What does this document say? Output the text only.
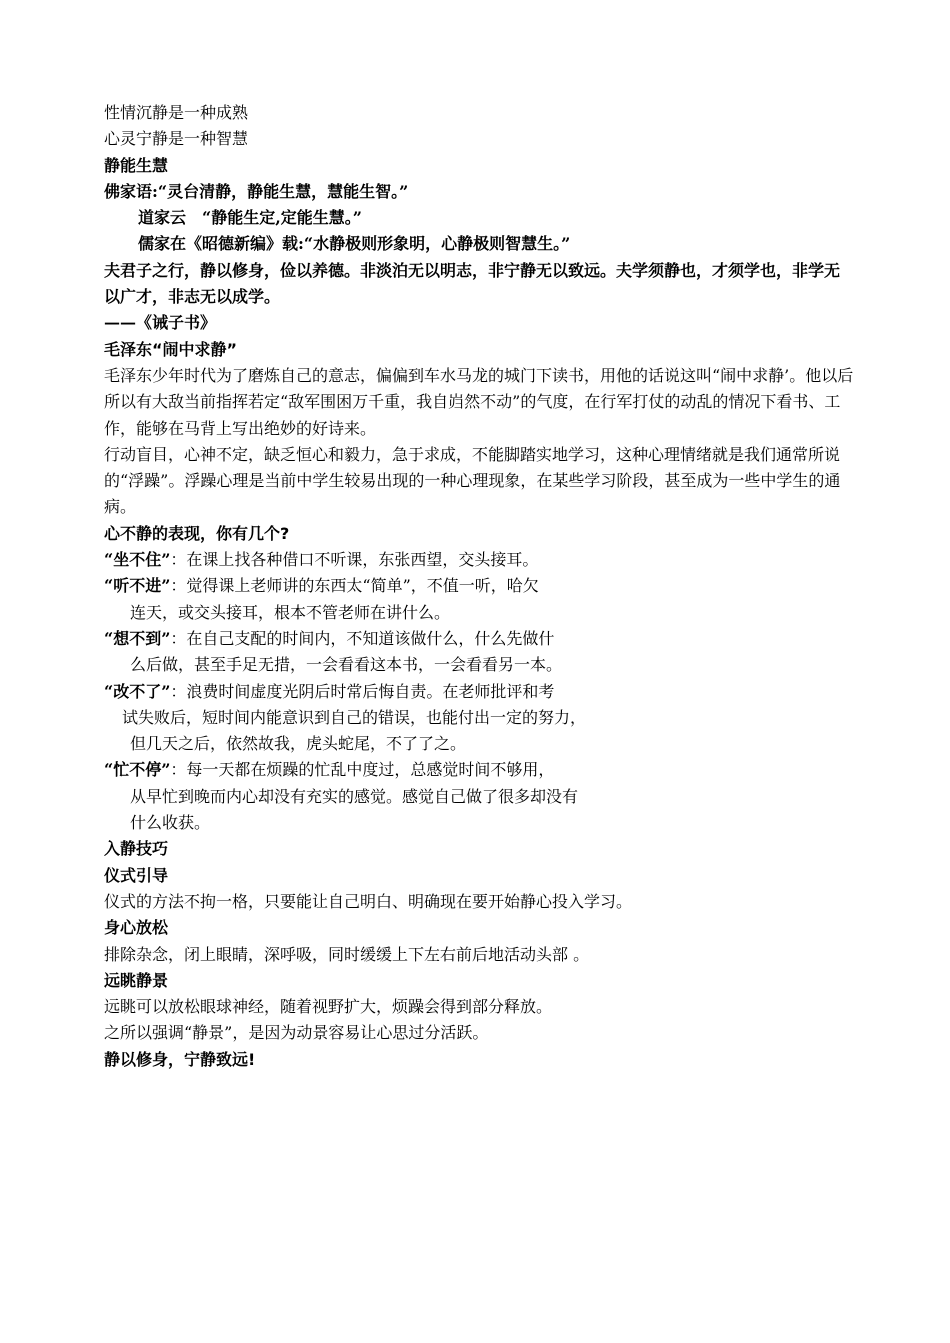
性情沉静是一种成熟
心灵宁静是一种智慧
静能生慧
佛家语:“灵台清静，静能生慧，慧能生智。”
道家云　“静能生定,定能生慧。”
儒家在《昭德新编》载:“水静极则形象明，心静极则智慧生。”
夫君子之行，静以修身，俭以养德。非淡泊无以明志，非宁静无以致远。夫学须静也，才须学也，非学无以广才，非志无以成学。
——《诫子书》
毛泽东“闹中求静”
毛泽东少年时代为了磨炼自己的意志，偏偏到车水马龙的城门下读书，用他的话说这叫“闹中求静’。他以后所以有大敌当前指挥若定“敌军围困万千重，我自岿然不动”的气度，在行军打仗的动乱的情况下看书、工作，能够在马背上写出绝妙的好诗来。
行动盲目，心神不定，缺乏恒心和毅力，急于求成，不能脚踏实地学习，这种心理情绪就是我们通常所说的“浮躁”。浮躁心理是当前中学生较易出现的一种心理现象，在某些学习阶段，甚至成为一些中学生的通病。
心不静的表现，你有几个?
“坐不住”：在课上找各种借口不听课，东张西望，交头接耳。
“听不进”：觉得课上老师讲的东西太“简单”，不值一听，哈欠
连天，或交头接耳，根本不管老师在讲什么。
“想不到”：在自己支配的时间内，不知道该做什么，什么先做什
么后做，甚至手足无措，一会看看这本书，一会看看另一本。
“改不了”：浪费时间虚度光阴后时常后悔自责。在老师批评和考
试失败后，短时间内能意识到自己的错误，也能付出一定的努力，
但几天之后，依然故我，虎头蛇尾，不了了之。
“忙不停”：每一天都在烦躁的忙乱中度过，总感觉时间不够用，
从早忙到晚而内心却没有充实的感觉。感觉自己做了很多却没有
什么收获。
入静技巧
仪式引导
仪式的方法不拘一格，只要能让自己明白、明确现在要开始静心投入学习。
身心放松
排除杂念，闭上眼睛，深呼吸，同时缓缓上下左右前后地活动头部 。
远眺静景
远眺可以放松眼球神经，随着视野扩大，烦躁会得到部分释放。
之所以强调“静景”，是因为动景容易让心思过分活跃。
静以修身，宁静致远!
